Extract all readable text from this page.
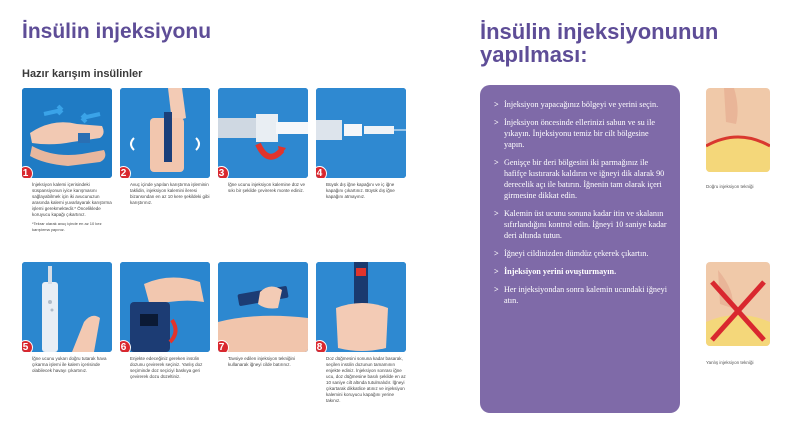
İnsülin injeksiyonu
Hazır karışım insülinler
1
İnjeksiyon kalemi içerisindeki süspansiyonun iyice karışmasını sağlayabilmek için iki avucunuzun arasında kalemi yuvarlayarak karıştırma işlemi gerekmektedir.* Önceliklede koruyucu kapağı çıkartınız.
*Tekrar olarak avuç içinde en az 10 kez karıştırma yapınız.
2
Avuç içinde yapılan karıştırma işleminin taklidin, injeksiyon kalemini ileresi bizansından en az 10 kere şekildeki gibi karıştırınız.
3
İğne ucunu injeksiyon kalemine düz ve sıkı bir şekilde çevirerek monte ediniz.
4
Büyük dış iğne kapağını ve iç iğne kapağını çıkartınız. Büyük dış iğne kapağını atmayınız.
5
İğne ucunu yukarı doğru tutarak hava çıkarma işlemi ile kalem içerisinde olabilecek havayı çıkartınız.
6
Enjekte edeceğiniz gereken insülin dozunu çevirerek seçiniz. Yanlış doz seçiminde doz seçiciyi baskıya geri çevirerek dozu düzeltiniz.
7
Tavsiye edilen injeksiyon tekniğini kullanarak iğneyi cilde batırınız.
8
Doz düğmesini sonuna kadar basarak, seçilen insülin dozunun tamamının enjekte ediniz. İnjeksiyon sonrası iğne ucu, doz düğmesine basılı şekilde en az 10 saniye cilt altında tutulmalıdır. İğneyi çıkartarak dikkatlice atınız ve injeksiyon kalemini koruyucu kapağını yerine takınız.
İnsülin injeksiyonunun yapılması:
> İnjeksiyon yapacağınız bölgeyi ve yerini seçin.
> İnjeksiyon öncesinde ellerinizi sabun ve su ile yıkayın. İnjeksiyonu temiz bir cilt bölgesine yapın.
> Genişçe bir deri bölgesini iki parmağınız ile hafifçe kıstırarak kaldırın ve iğneyi dik alarak 90 derecelik açı ile batırın. İğnenin tam olarak içeri girmesine dikkat edin.
> Kalemin üst ucunu sonuna kadar itin ve skalanın sıfırlandığını kontrol edin. İğneyi 10 saniye kadar deri altında tutun.
> İğneyi cildinizden dümdüz çekerek çıkartın.
> İnjeksiyon yerini ovuşturmayın.
> Her injeksiyondan sonra kalemin ucundaki iğneyi atın.
Doğru injeksiyon tekniği
Yanlış injeksiyon tekniği
